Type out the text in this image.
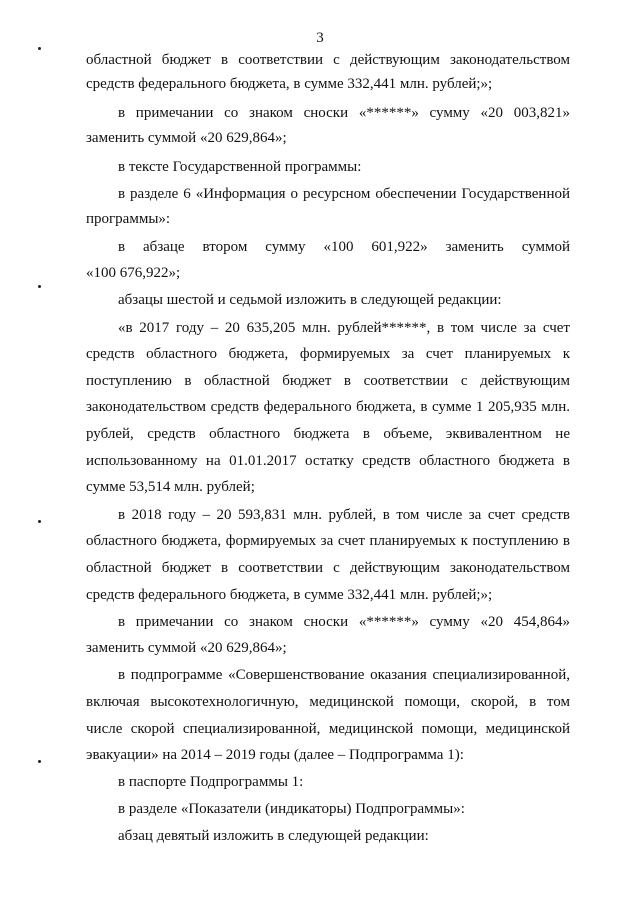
3
областной бюджет в соответствии с действующим законодательством
средств федерального бюджета, в сумме 332,441 млн. рублей;»;
в примечании со знаком сноски «******» сумму «20 003,821»
заменить суммой «20 629,864»;
в тексте Государственной программы:
в разделе 6 «Информация о ресурсном обеспечении Государственной
программы»:
в абзаце втором сумму «100 601,922» заменить суммой
«100 676,922»;
абзацы шестой и седьмой изложить в следующей редакции:
«в 2017 году – 20 635,205 млн. рублей******, в том числе за счет
средств областного бюджета, формируемых за счет планируемых к
поступлению в областной бюджет в соответствии с действующим
законодательством средств федерального бюджета, в сумме 1 205,935 млн.
рублей, средств областного бюджета в объеме, эквивалентном не
использованному на 01.01.2017 остатку средств областного бюджета в
сумме 53,514 млн. рублей;
в 2018 году – 20 593,831 млн. рублей, в том числе за счет средств
областного бюджета, формируемых за счет планируемых к поступлению в
областной бюджет в соответствии с действующим законодательством
средств федерального бюджета, в сумме 332,441 млн. рублей;»;
в примечании со знаком сноски «******» сумму «20 454,864»
заменить суммой «20 629,864»;
в подпрограмме «Совершенствование оказания специализированной,
включая высокотехнологичную, медицинской помощи, скорой, в том
числе скорой специализированной, медицинской помощи, медицинской
эвакуации» на 2014 – 2019 годы (далее – Подпрограмма 1):
в паспорте Подпрограммы 1:
в разделе «Показатели (индикаторы) Подпрограммы»:
абзац девятый изложить в следующей редакции:
